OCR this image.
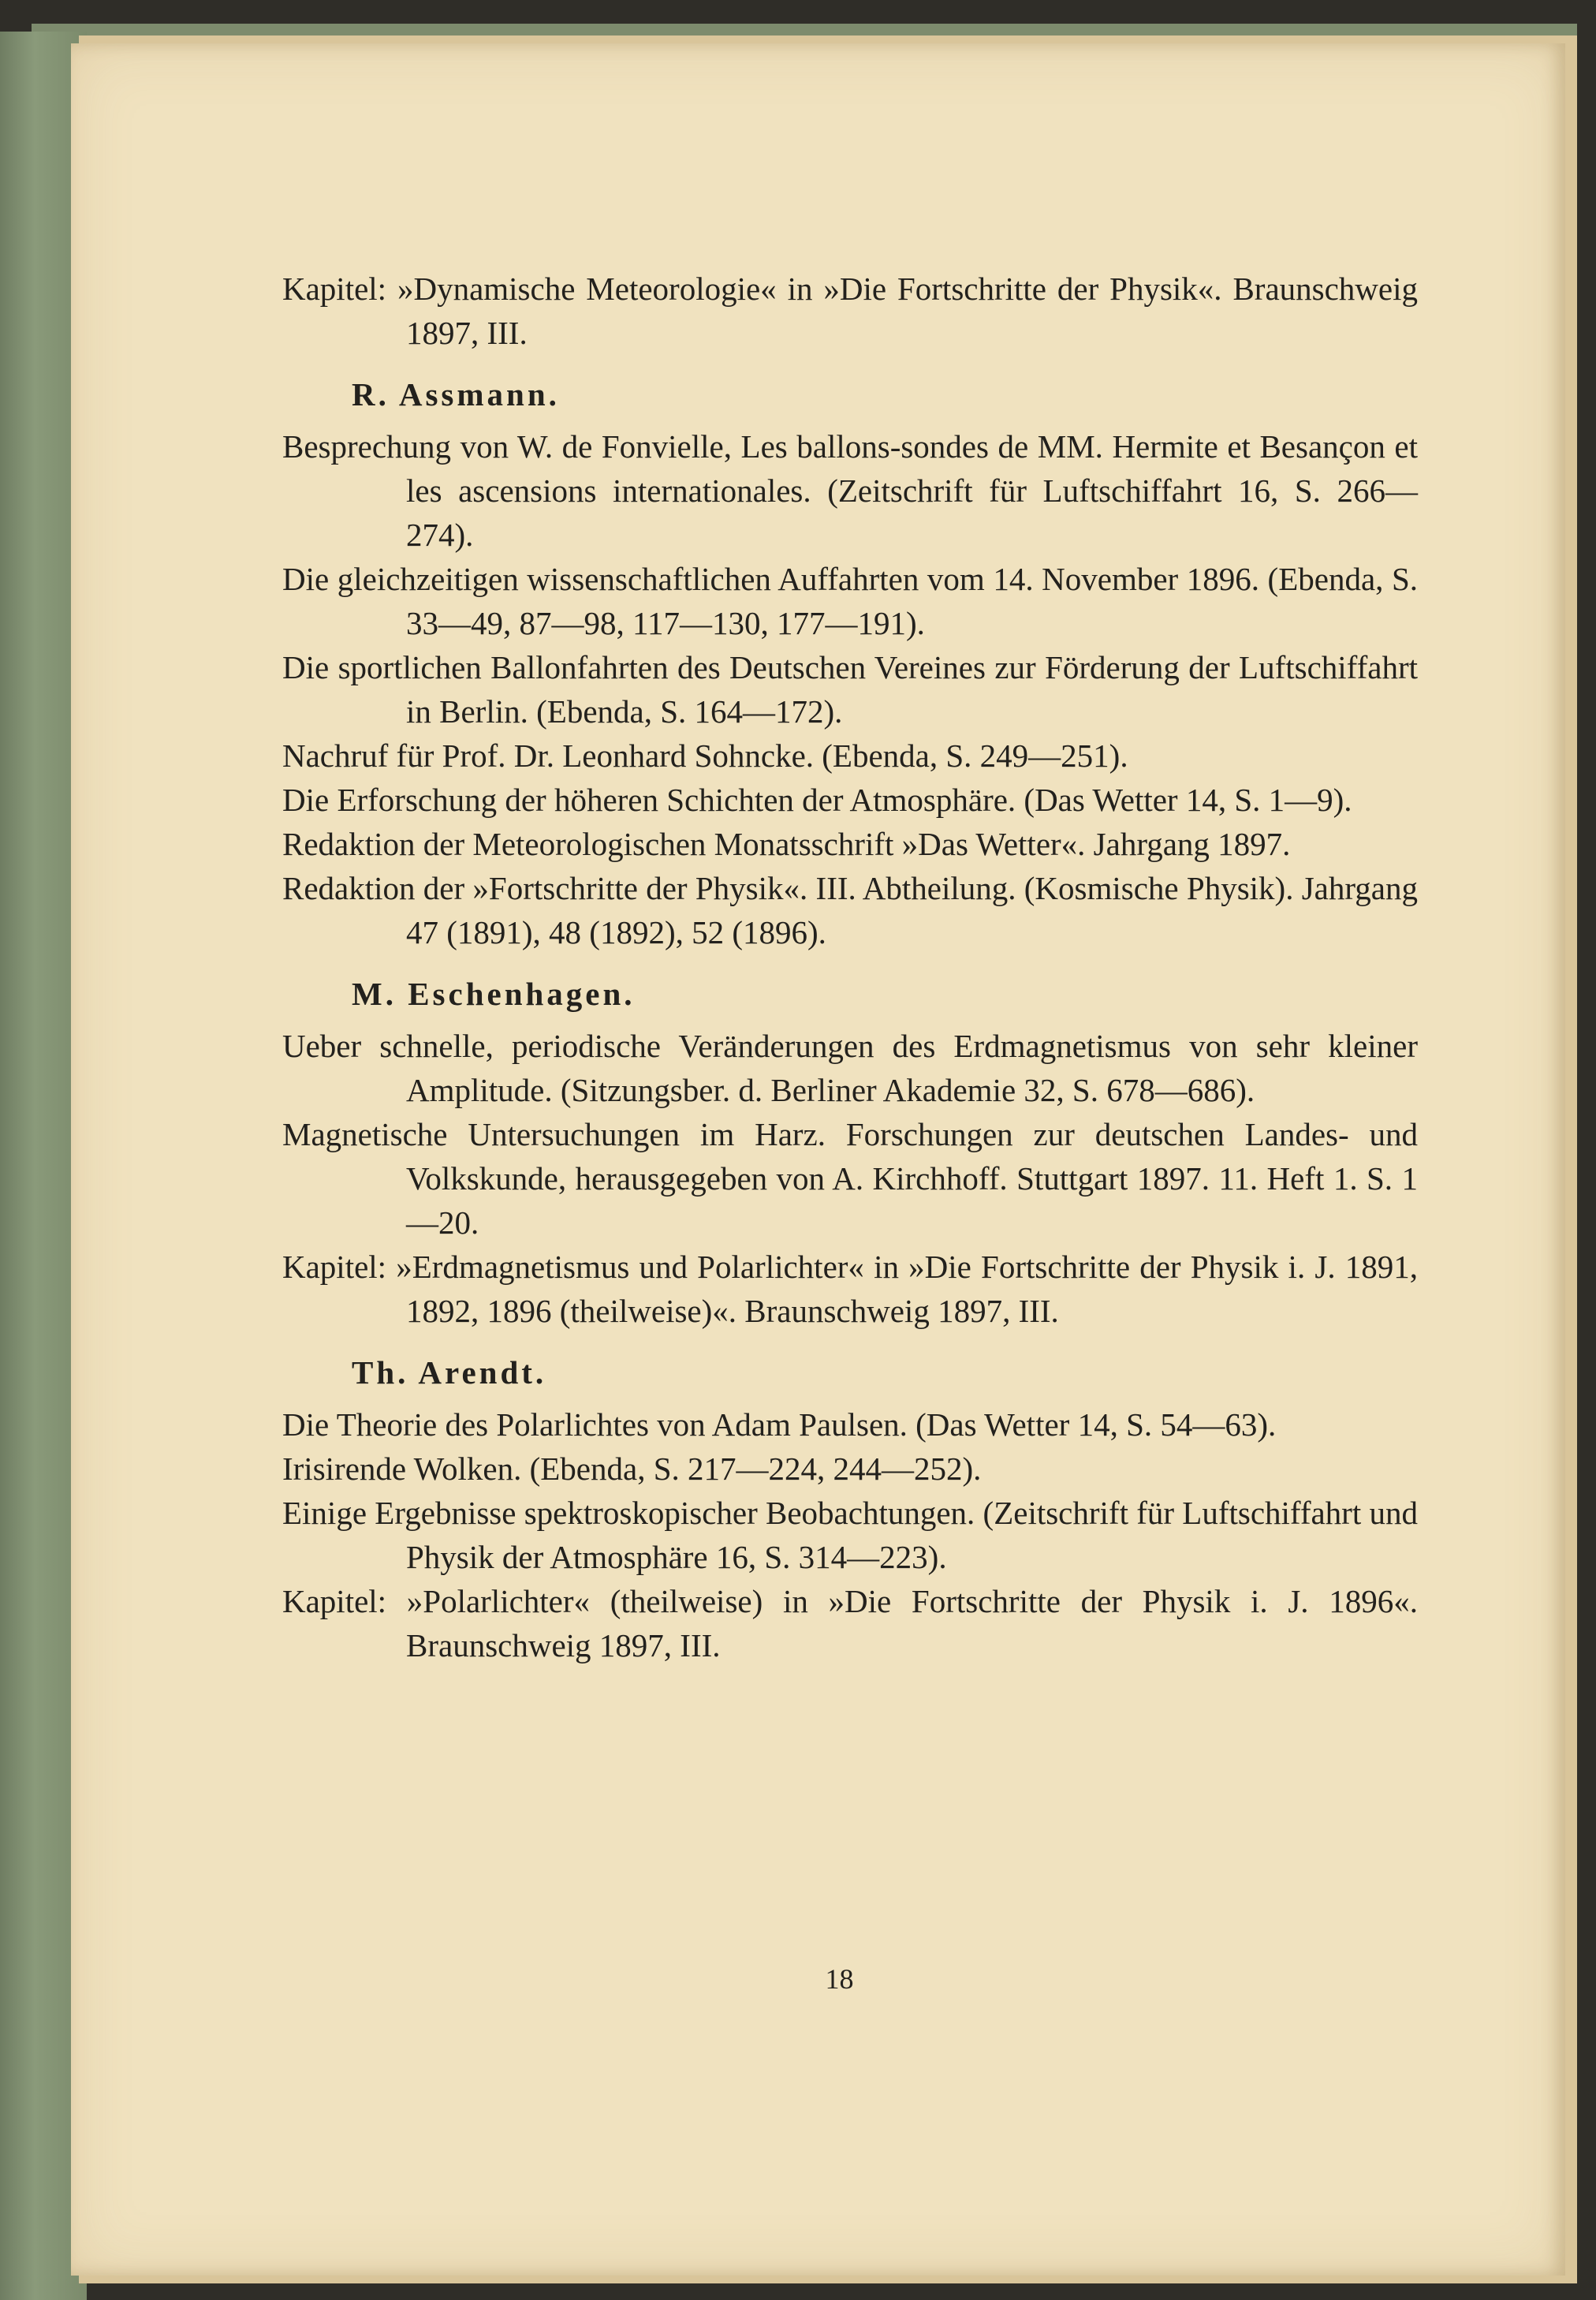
Kapitel: »Dynamische Meteorologie« in »Die Fortschritte der Physik«. Braunschweig 1897, III.

R. Assmann.

Besprechung von W. de Fonvielle, Les ballons-sondes de MM. Hermite et Besançon et les ascensions internationales. (Zeitschrift für Luftschiffahrt 16, S. 266—274).

Die gleichzeitigen wissenschaftlichen Auffahrten vom 14. November 1896. (Ebenda, S. 33—49, 87—98, 117—130, 177—191).

Die sportlichen Ballonfahrten des Deutschen Vereines zur Förderung der Luftschiffahrt in Berlin. (Ebenda, S. 164—172).

Nachruf für Prof. Dr. Leonhard Sohncke. (Ebenda, S. 249—251).

Die Erforschung der höheren Schichten der Atmosphäre. (Das Wetter 14, S. 1—9).

Redaktion der Meteorologischen Monatsschrift »Das Wetter«. Jahrgang 1897.

Redaktion der »Fortschritte der Physik«. III. Abtheilung. (Kosmische Physik). Jahrgang 47 (1891), 48 (1892), 52 (1896).

M. Eschenhagen.

Ueber schnelle, periodische Veränderungen des Erdmagnetismus von sehr kleiner Amplitude. (Sitzungsber. d. Berliner Akademie 32, S. 678—686).

Magnetische Untersuchungen im Harz. Forschungen zur deutschen Landes- und Volkskunde, herausgegeben von A. Kirchhoff. Stuttgart 1897. 11. Heft 1. S. 1—20.

Kapitel: »Erdmagnetismus und Polarlichter« in »Die Fortschritte der Physik i. J. 1891, 1892, 1896 (theilweise)«. Braunschweig 1897, III.

Th. Arendt.

Die Theorie des Polarlichtes von Adam Paulsen. (Das Wetter 14, S. 54—63).

Irisirende Wolken. (Ebenda, S. 217—224, 244—252).

Einige Ergebnisse spektroskopischer Beobachtungen. (Zeitschrift für Luftschiffahrt und Physik der Atmosphäre 16, S. 314—223).

Kapitel: »Polarlichter« (theilweise) in »Die Fortschritte der Physik i. J. 1896«. Braunschweig 1897, III.

18
